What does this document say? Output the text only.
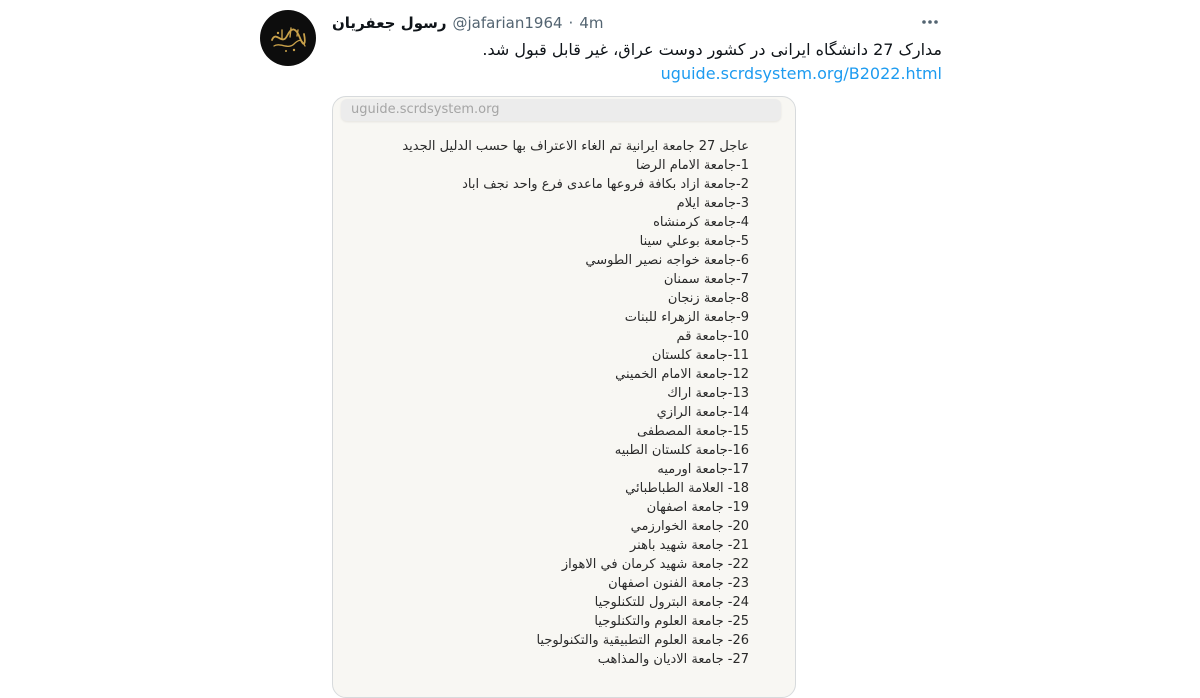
رسول جعفریان @jafarian1964 · 4m
مدارک 27 دانشگاه ایرانی در کشور دوست عراق، غیر قابل قبول شد.
uguide.scrdsystem.org/B2022.html
uguide.scrdsystem.org
عاجل 27 جامعة ايرانية تم الغاء الاعتراف بها حسب الدليل الجديد
1-جامعة الامام الرضا
2-جامعة ازاد بكافة فروعها ماعدى فرع واحد نجف اباد
3-جامعة ايلام
4-جامعة كرمنشاه
5-جامعة بوعلي سينا
6-جامعة خواجه نصير الطوسي
7-جامعة سمنان
8-جامعة زنجان
9-جامعة الزهراء للبنات
10-جامعة قم
11-جامعة كلستان
12-جامعة الامام الخميني
13-جامعة اراك
14-جامعة الرازي
15-جامعة المصطفى
16-جامعة كلستان الطبيه
17-جامعة اورميه
18- العلامة الطباطبائي
19- جامعة اصفهان
20- جامعة الخوارزمي
21- جامعة شهيد باهنر
22- جامعة شهيد كرمان في الاهواز
23- جامعة الفنون اصفهان
24- جامعة البترول للتكنلوجيا
25- جامعة العلوم والتكنلوجيا
26- جامعة العلوم التطبيقية والتكنولوجيا
27- جامعة الاديان والمذاهب
